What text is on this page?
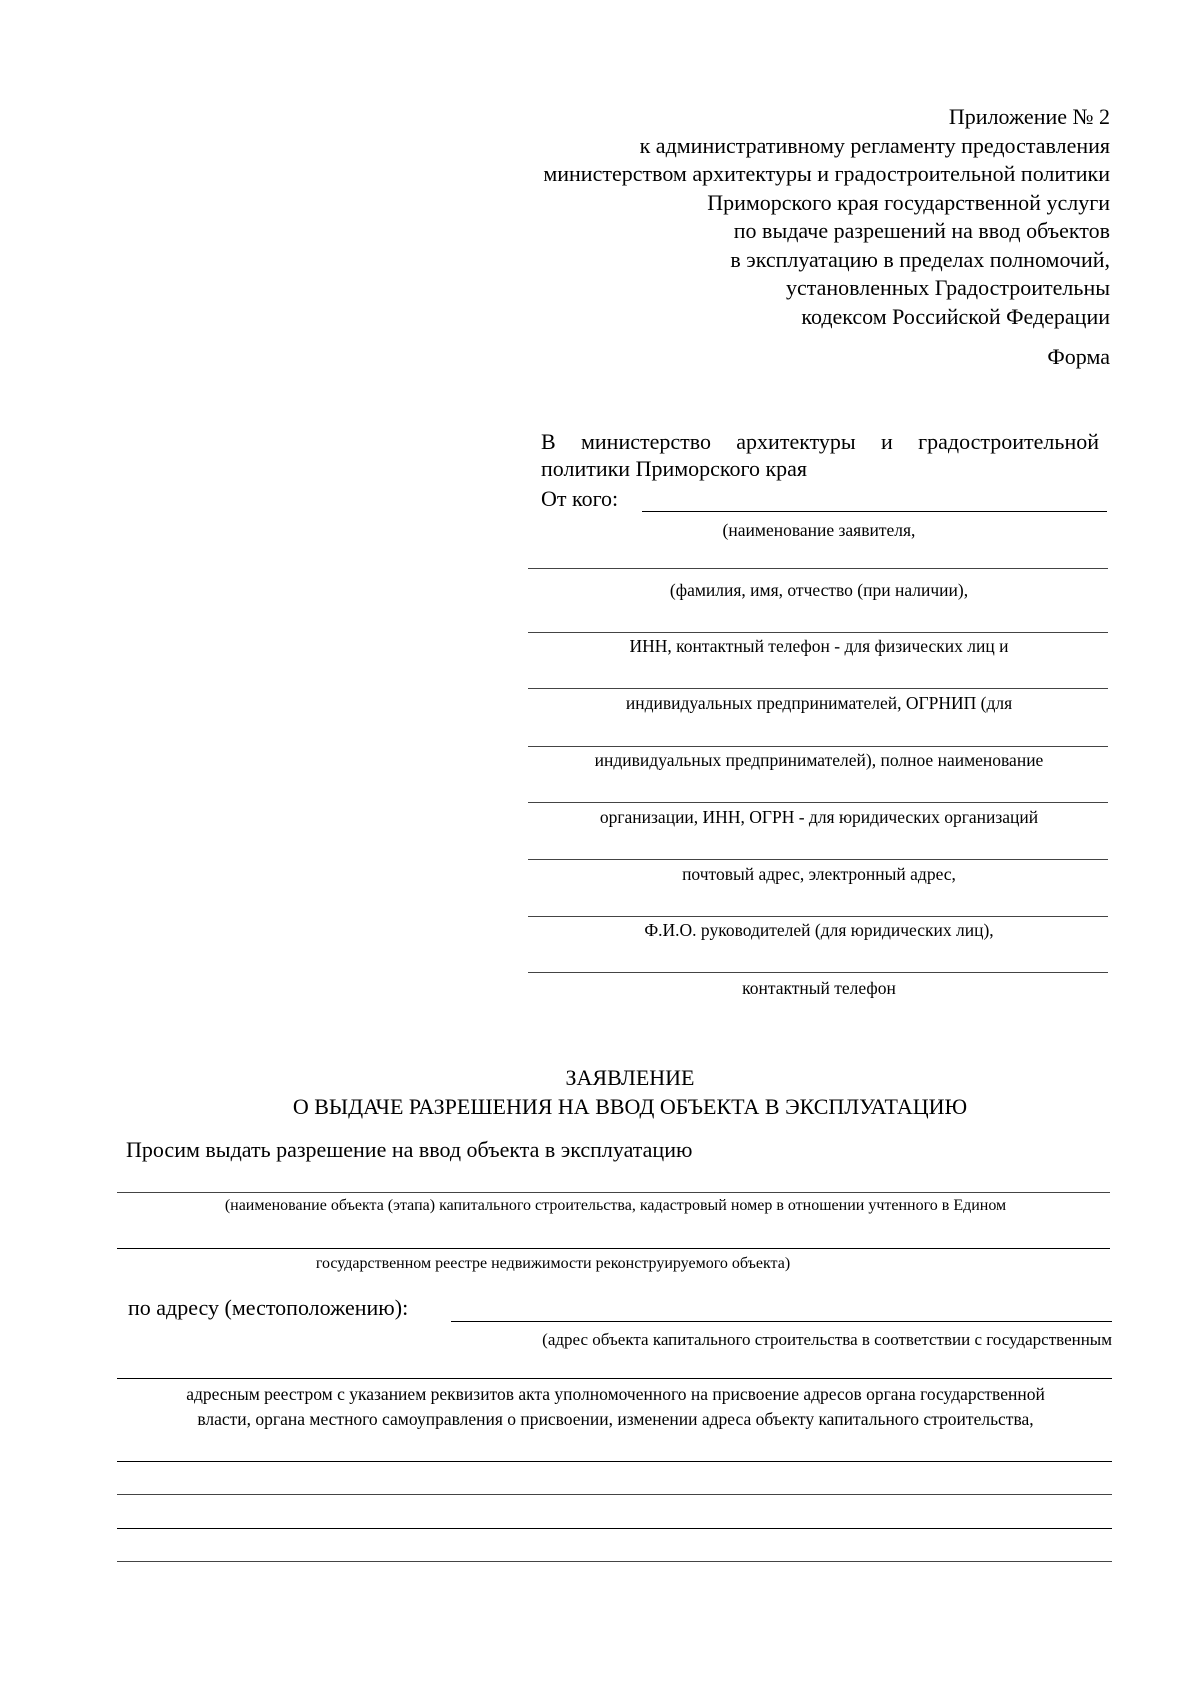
Приложение № 2
к административному регламенту предоставления
министерством архитектуры и градостроительной политики
Приморского края государственной услуги
по выдаче разрешений на ввод объектов
в эксплуатацию в пределах полномочий,
установленных Градостроительны
кодексом Российской Федерации
Форма
В министерство архитектуры и градостроительной
политики Приморского края
От кого:
(наименование заявителя,
(фамилия, имя, отчество (при наличии),
ИНН, контактный телефон - для физических лиц и
индивидуальных предпринимателей, ОГРНИП (для
индивидуальных предпринимателей), полное наименование
организации, ИНН, ОГРН - для юридических организаций
почтовый адрес, электронный адрес,
Ф.И.О. руководителей (для юридических лиц),
контактный телефон
ЗАЯВЛЕНИЕ
О ВЫДАЧЕ РАЗРЕШЕНИЯ НА ВВОД ОБЪЕКТА В ЭКСПЛУАТАЦИЮ
Просим выдать разрешение на ввод объекта в эксплуатацию
(наименование объекта (этапа) капитального строительства, кадастровый номер в отношении учтенного в Едином
государственном реестре недвижимости реконструируемого объекта)
по адресу (местоположению):
(адрес объекта капитального строительства в соответствии с государственным
адресным реестром с указанием реквизитов акта уполномоченного на присвоение адресов органа государственной
власти, органа местного самоуправления о присвоении, изменении адреса объекту капитального строительства,
